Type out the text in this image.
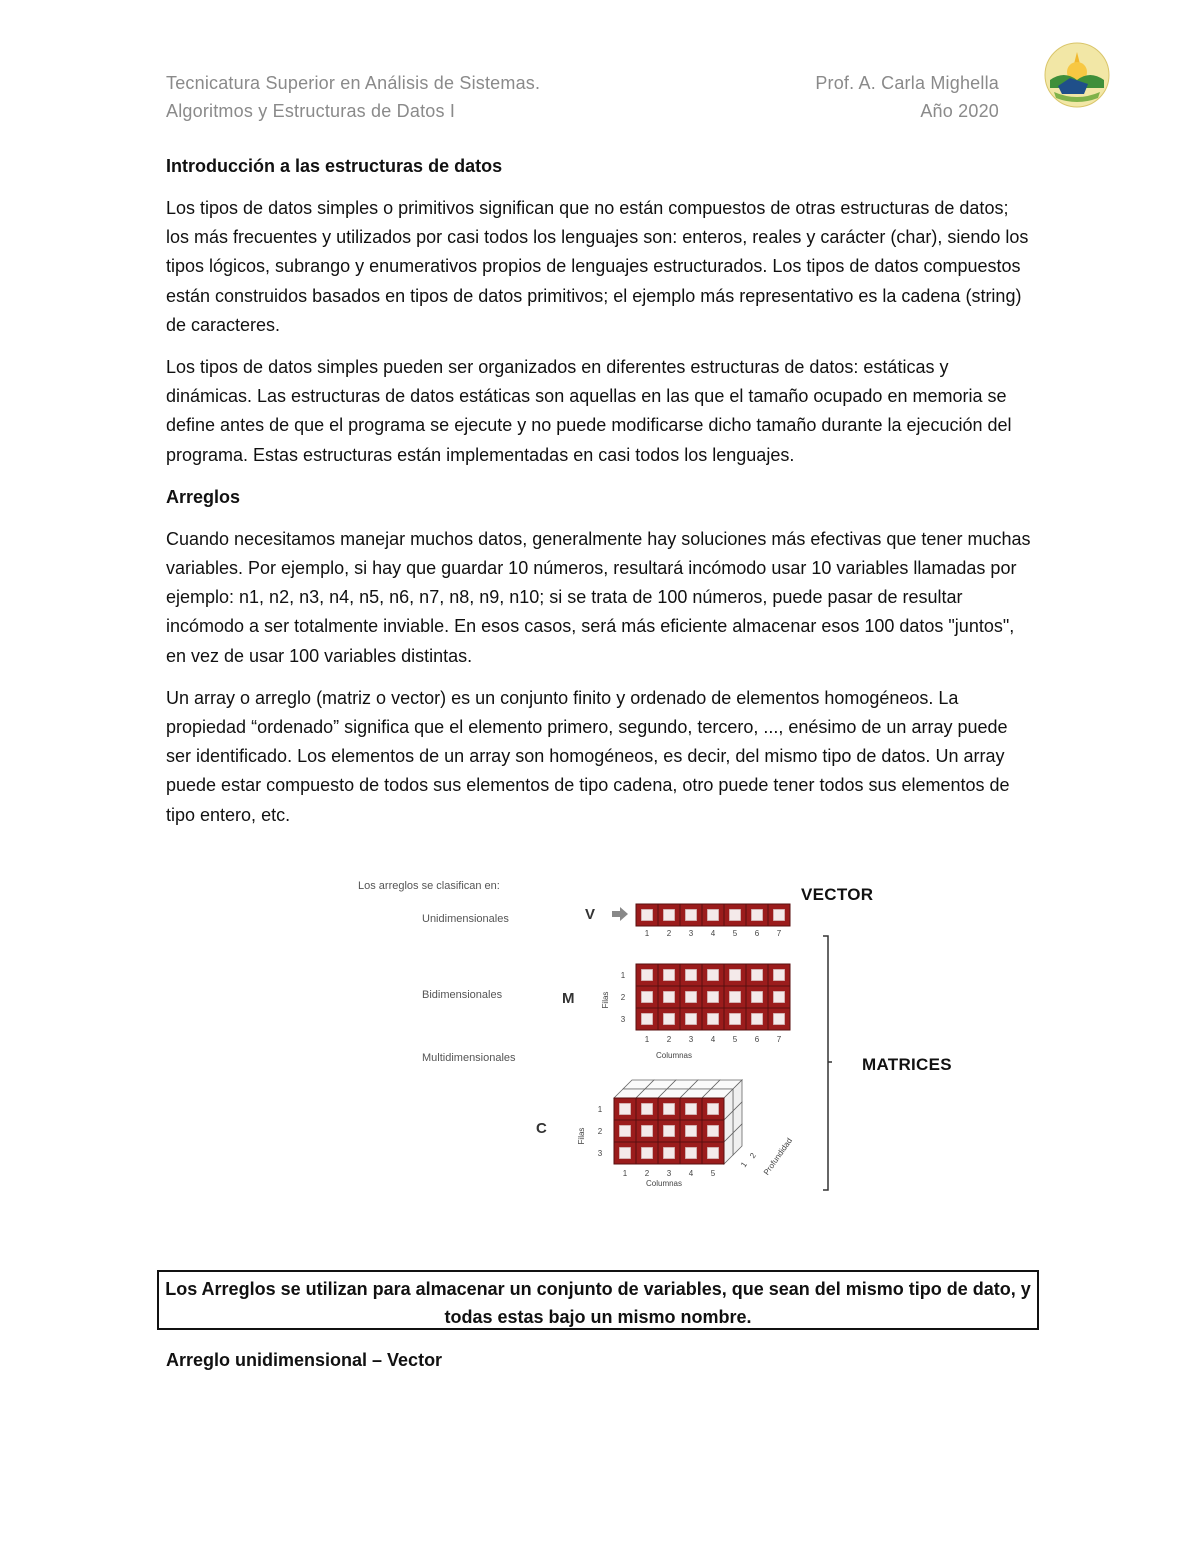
Tecnicatura Superior en Análisis de Sistemas.
Algoritmos y Estructuras de Datos I
Prof. A. Carla Mighella
Año 2020
Introducción a las estructuras de datos
Los tipos de datos simples o primitivos significan que no están compuestos de otras estructuras de datos; los más frecuentes y utilizados por casi todos los lenguajes son: enteros, reales y carácter (char), siendo los tipos lógicos, subrango y enumerativos propios de lenguajes estructurados. Los tipos de datos compuestos están construidos basados en tipos de datos primitivos; el ejemplo más representativo es la cadena (string) de caracteres.
Los tipos de datos simples pueden ser organizados en diferentes estructuras de datos: estáticas y dinámicas. Las estructuras de datos estáticas son aquellas en las que el tamaño ocupado en memoria se define antes de que el programa se ejecute y no puede modificarse dicho tamaño durante la ejecución del programa. Estas estructuras están implementadas en casi todos los lenguajes.
Arreglos
Cuando necesitamos manejar muchos datos, generalmente hay soluciones más efectivas que tener muchas variables. Por ejemplo, si hay que guardar 10 números, resultará incómodo usar 10 variables llamadas por ejemplo: n1, n2, n3, n4, n5, n6, n7, n8, n9, n10; si se trata de 100 números, puede pasar de resultar incómodo a ser totalmente inviable. En esos casos, será más eficiente almacenar esos 100 datos "juntos", en vez de usar 100 variables distintas.
Un array o arreglo (matriz o vector) es un conjunto finito y ordenado de elementos homogéneos. La propiedad “ordenado” significa que el elemento primero, segundo, tercero, ..., enésimo de un array puede ser identificado. Los elementos de un array son homogéneos, es decir, del mismo tipo de datos. Un array puede estar compuesto de todos sus elementos de tipo cadena, otro puede tener todos sus elementos de tipo entero, etc.
Los arreglos se clasifican en:
Unidimensionales
Bidimensionales
Multidimensionales
V
M
C
VECTOR
MATRICES
1 2 3 4 5 6 7
1
2
3
1 2 3 4 5 6 7
Columnas
Filas
1
2
3
1 2 3 4 5
Columnas
Filas
1
2 Profundidad
Los Arreglos se utilizan para almacenar un conjunto de variables, que sean del mismo tipo de dato, y todas estas bajo un mismo nombre.
Arreglo unidimensional – Vector
